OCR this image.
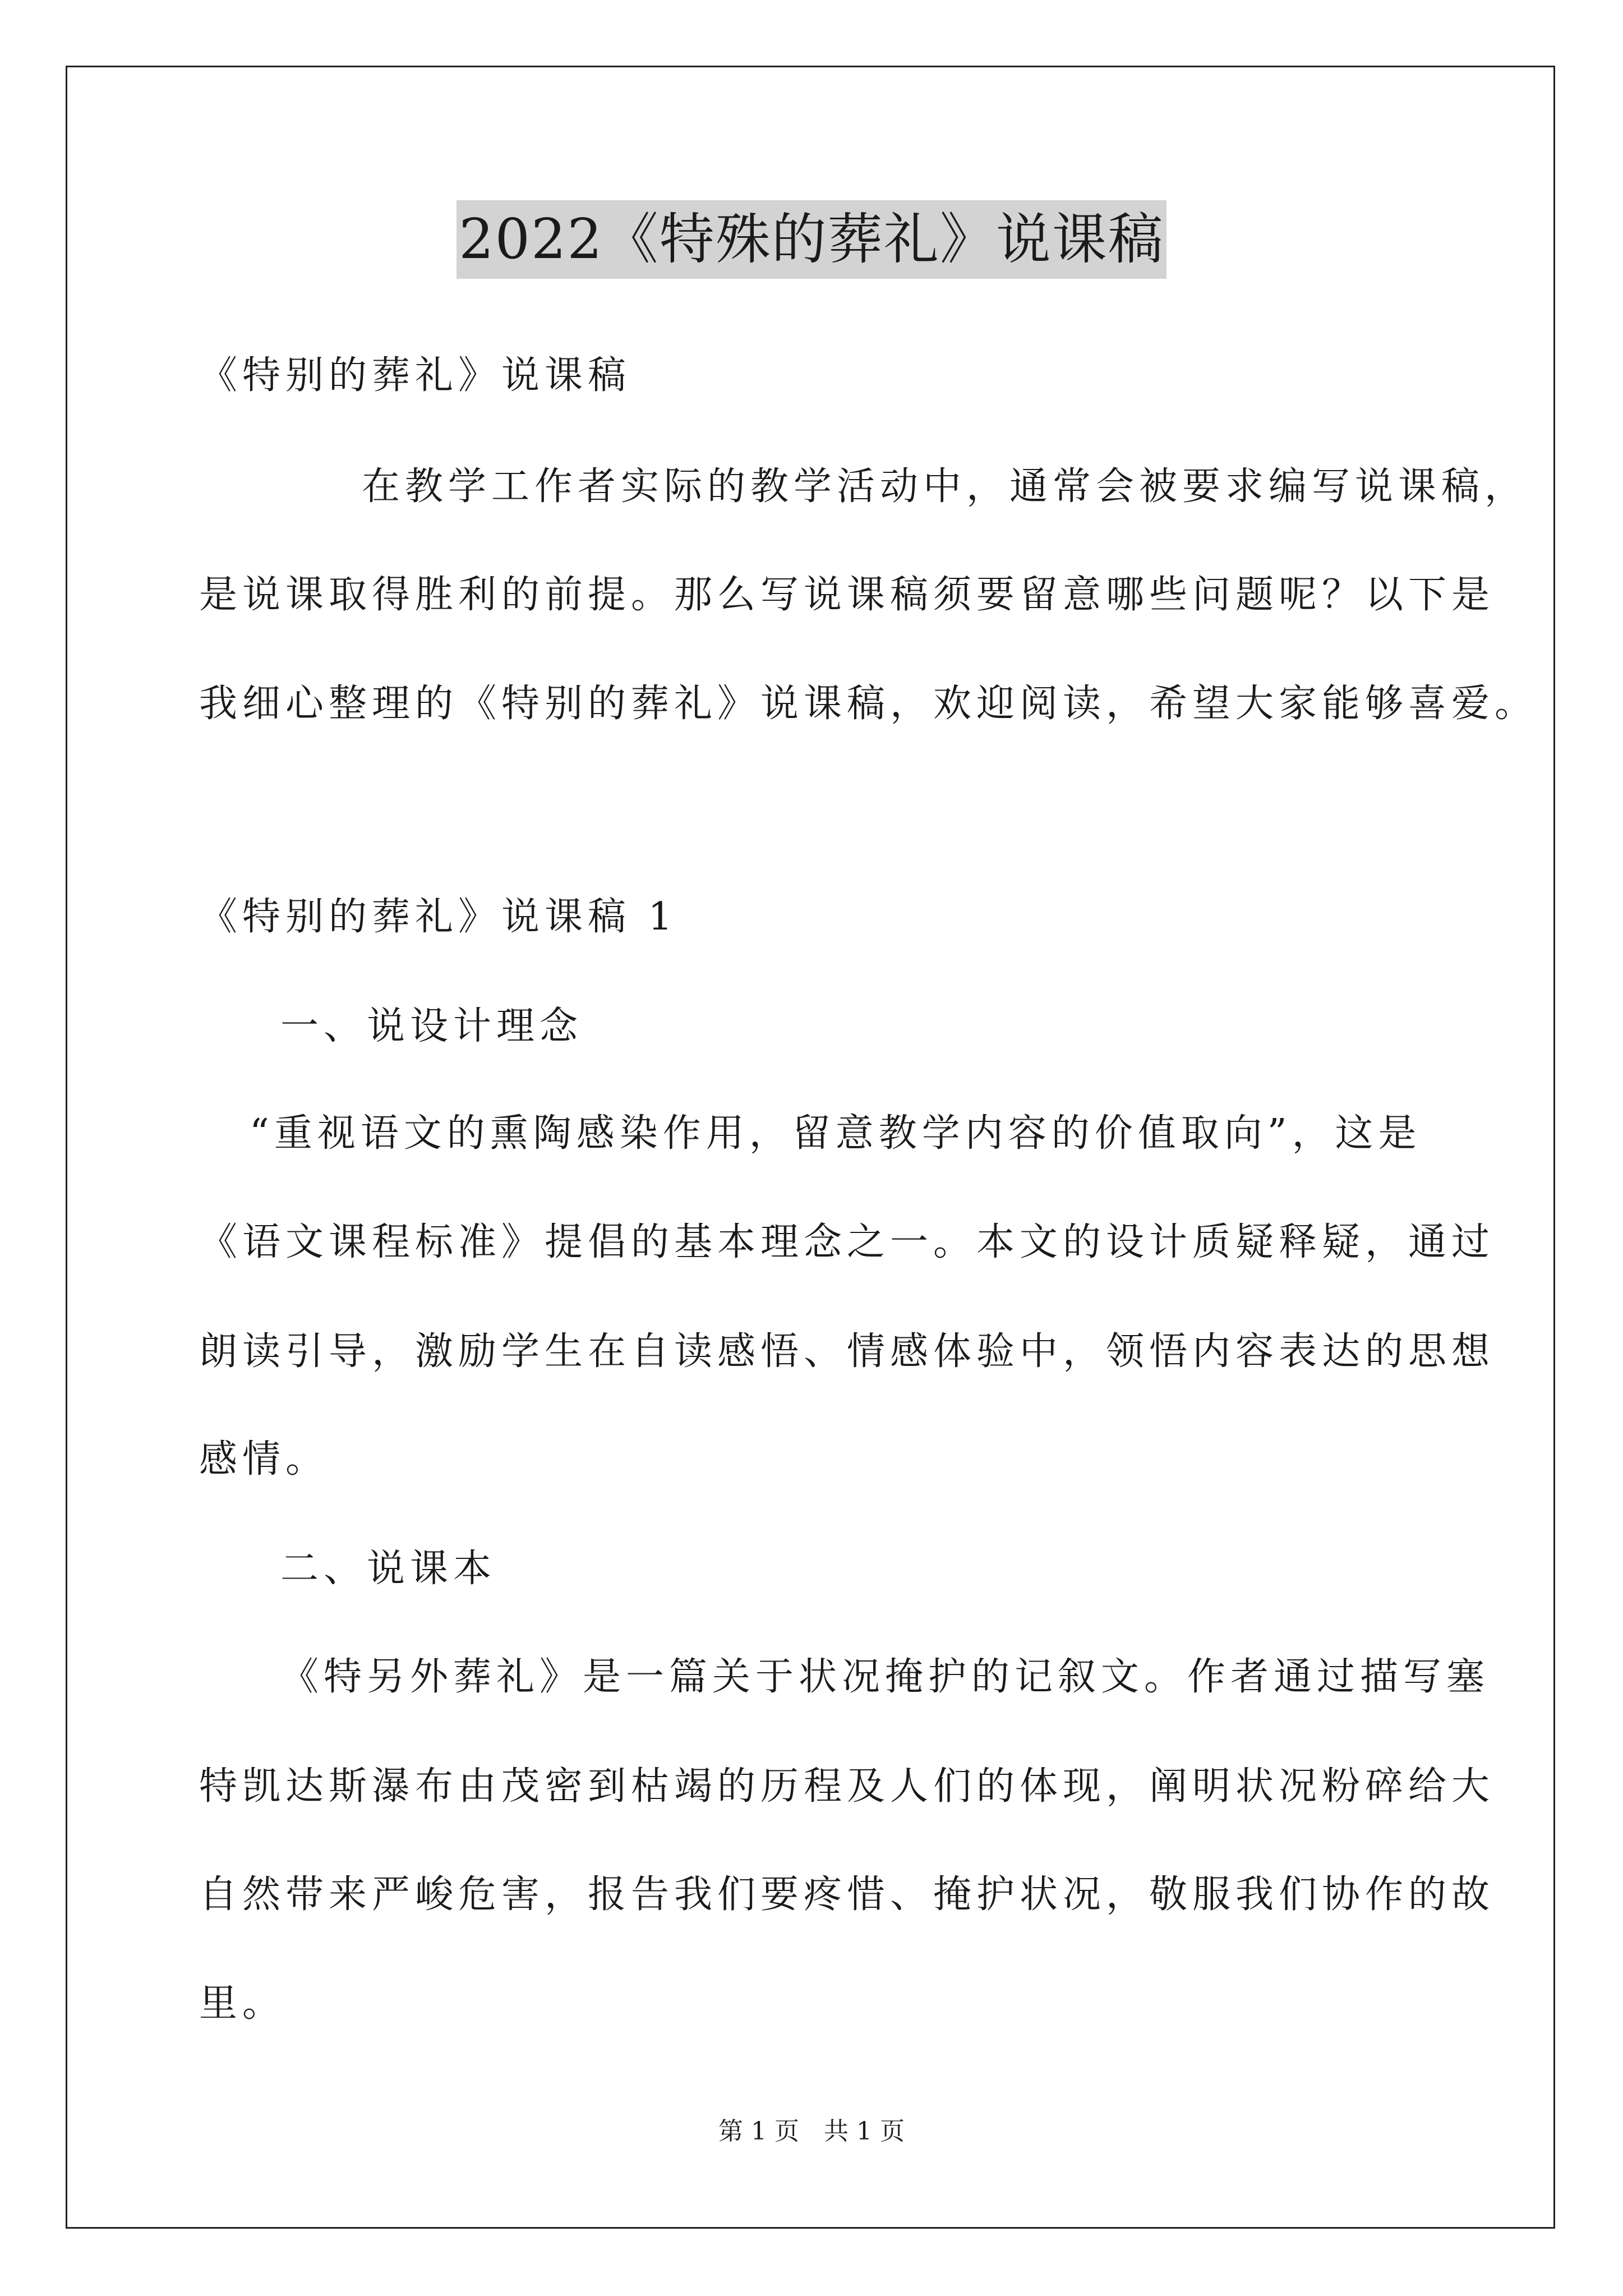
2022《特殊的葬礼》说课稿
《特别的葬礼》说课稿
在教学工作者实际的教学活动中，通常会被要求编写说课稿，
是说课取得胜利的前提。那么写说课稿须要留意哪些问题呢？以下是
我细心整理的《特别的葬礼》说课稿，欢迎阅读，希望大家能够喜爱。
《特别的葬礼》说课稿 1
一、说设计理念
“重视语文的熏陶感染作用，留意教学内容的价值取向”，这是
《语文课程标准》提倡的基本理念之一。本文的设计质疑释疑，通过
朗读引导，激励学生在自读感悟、情感体验中，领悟内容表达的思想
感情。
二、说课本
《特另外葬礼》是一篇关于状况掩护的记叙文。作者通过描写塞
特凯达斯瀑布由茂密到枯竭的历程及人们的体现，阐明状况粉碎给大
自然带来严峻危害，报告我们要疼惜、掩护状况，敬服我们协作的故
里。
第 1 页　共 1 页
